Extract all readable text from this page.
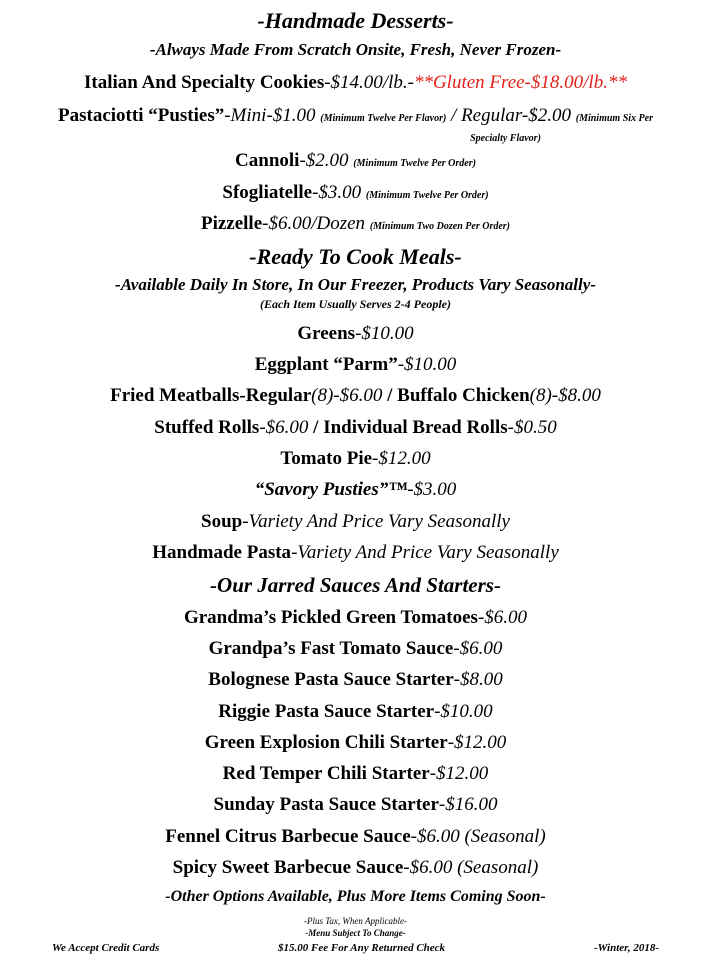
-Handmade Desserts-
-Always Made From Scratch Onsite, Fresh, Never Frozen-
Italian And Specialty Cookies-$14.00/lb.-**Gluten Free-$18.00/lb.**
Pastaciotti “Pusties”-Mini-$1.00 (Minimum Twelve Per Flavor) / Regular-$2.00 (Minimum Six Per
Specialty Flavor)
Cannoli-$2.00 (Minimum Twelve Per Order)
Sfogliatelle-$3.00 (Minimum Twelve Per Order)
Pizzelle-$6.00/Dozen (Minimum Two Dozen Per Order)
-Ready To Cook Meals-
-Available Daily In Store, In Our Freezer, Products Vary Seasonally-
(Each Item Usually Serves 2-4 People)
Greens-$10.00
Eggplant “Parm”-$10.00
Fried Meatballs-Regular(8)-$6.00 / Buffalo Chicken(8)-$8.00
Stuffed Rolls-$6.00 / Individual Bread Rolls-$0.50
Tomato Pie-$12.00
“Savory Pusties”™-$3.00
Soup-Variety And Price Vary Seasonally
Handmade Pasta-Variety And Price Vary Seasonally
-Our Jarred Sauces And Starters-
Grandma’s Pickled Green Tomatoes-$6.00
Grandpa’s Fast Tomato Sauce-$6.00
Bolognese Pasta Sauce Starter-$8.00
Riggie Pasta Sauce Starter-$10.00
Green Explosion Chili Starter-$12.00
Red Temper Chili Starter-$12.00
Sunday Pasta Sauce Starter-$16.00
Fennel Citrus Barbecue Sauce-$6.00 (Seasonal)
Spicy Sweet Barbecue Sauce-$6.00 (Seasonal)
-Other Options Available, Plus More Items Coming Soon-
-Plus Tax, When Applicable-
-Menu Subject To Change-
We Accept Credit Cards	$15.00 Fee For Any Returned Check	-Winter, 2018-
